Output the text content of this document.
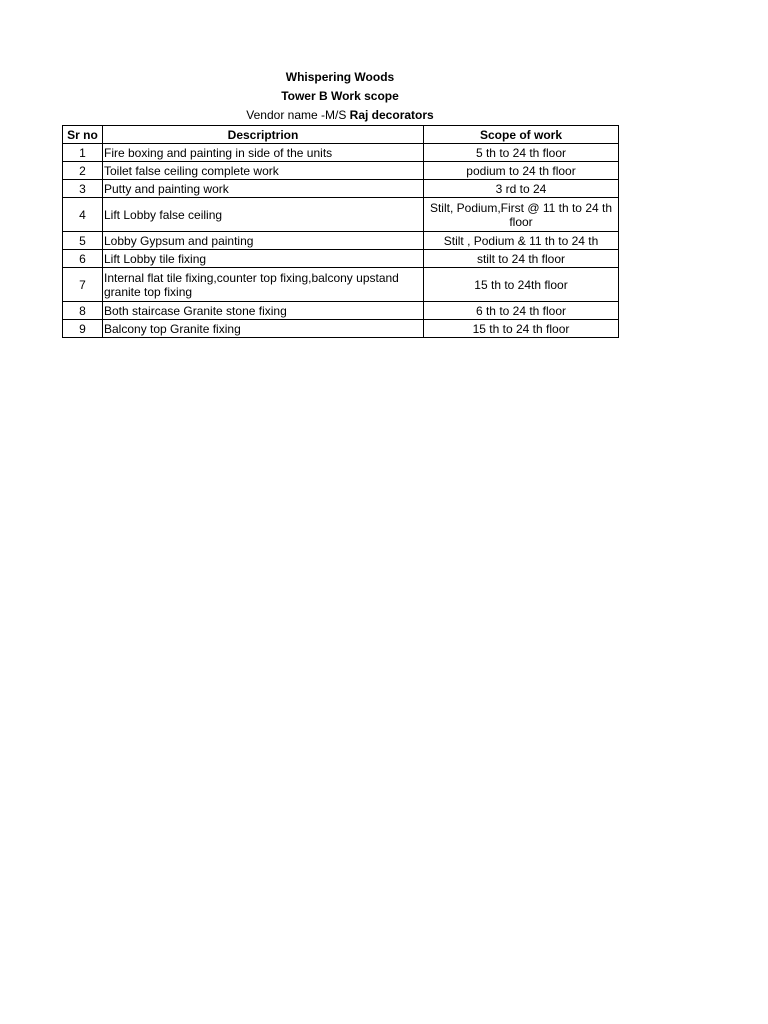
Whispering Woods
Tower B Work scope
Vendor name -M/S Raj decorators
Sr no	Descriptrion	Scope of work
1	Fire boxing and painting in side of the units	5 th to 24 th floor
2	Toilet false ceiling complete work	podium to 24 th floor
3	Putty and painting work	3 rd to 24
4	Lift Lobby false ceiling	Stilt, Podium,First @ 11 th to 24 th floor
5	Lobby Gypsum and painting	Stilt , Podium & 11 th to 24 th
6	Lift Lobby tile fixing	stilt to 24 th floor
7	Internal flat tile fixing,counter top fixing,balcony upstand granite top fixing	15 th to 24th floor
8	Both staircase Granite stone fixing	6 th to 24 th floor
9	Balcony top Granite fixing	15 th to 24 th floor
